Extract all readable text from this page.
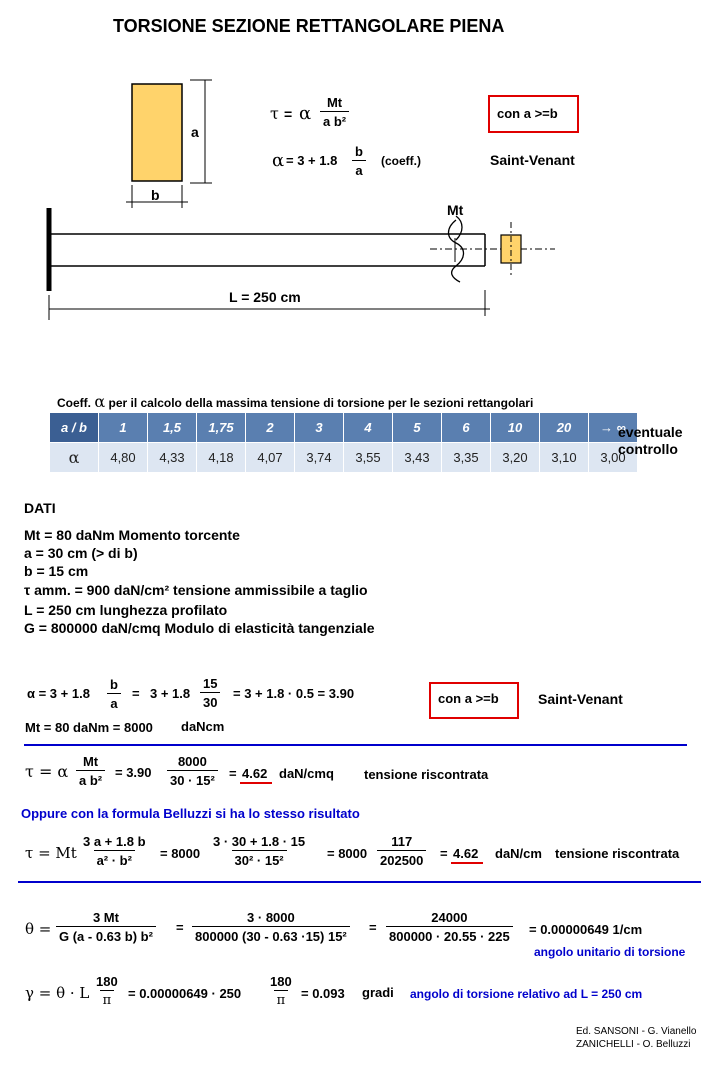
TORSIONE SEZIONE RETTANGOLARE PIENA
a
b
Mt
L = 250 cm
τ = α $\frac{Mt}{\text{a b²}}$
$\alpha = 3 + 1.8 \frac{b}{a}$ (coeff.)
con a >=b
Saint-Venant
Coeff. α per il calcolo della massima tensione di torsione per le sezioni rettangolari
a / b	1	1,5	1,75	2	3	4	5	6	10	20	→ ∞
α	4,80	4,33	4,18	4,07	3,74	3,55	3,43	3,35	3,20	3,10	3,00
eventuale
controllo
DATI
Mt = 80 daNm Momento torcente
a = 30 cm (> di b)
b = 15 cm
τ amm. = 900 daN/cm² tensione ammissibile a taglio
L = 250 cm lunghezza profilato
G = 800000 daN/cmq Modulo di elasticità tangenziale
$\alpha = 3 + 1.8 \frac{b}{a} = 3 + 1.8 \frac{15}{30} = 3 + 1.8 \cdot 0.5 = 3.90$	con a >=b	Saint-Venant
Mt = 80 daNm = 8000 daNcm
τ = α $\frac{Mt}{\text{a b²}} = 3.90 \frac{8000}{\text{30 · 15²}} = 4.62$ daN/cmq tensione riscontrata
Oppure con la formula Belluzzi si ha lo stesso risultato
τ = Mt $\frac{3 a + 1.8 b}{\text{a² · b²}} = 8000 \frac{3 \cdot 30 + 1.8 \cdot 15}{\text{30² · 15²}} = 8000 \frac{117}{202500} = 4.62$ daN/cm tensione riscontrata
$\theta = \frac{3 Mt}{\text{G (a - 0.63 b) b²}} = \frac{3 \cdot 8000}{\text{800000 (30 - 0.63 ·15) 15²}} = \frac{24000}{800000 \cdot 20.55 \cdot 225} = 0.00000649$ 1/cm
angolo unitario di torsione
γ = θ · L $\frac{180}{\pi} = 0.00000649 \cdot 250 \frac{180}{\pi} = 0.093$ gradi angolo di torsione relativo ad L = 250 cm
Ed. SANSONI - G. Vianello
ZANICHELLI - O. Belluzzi
